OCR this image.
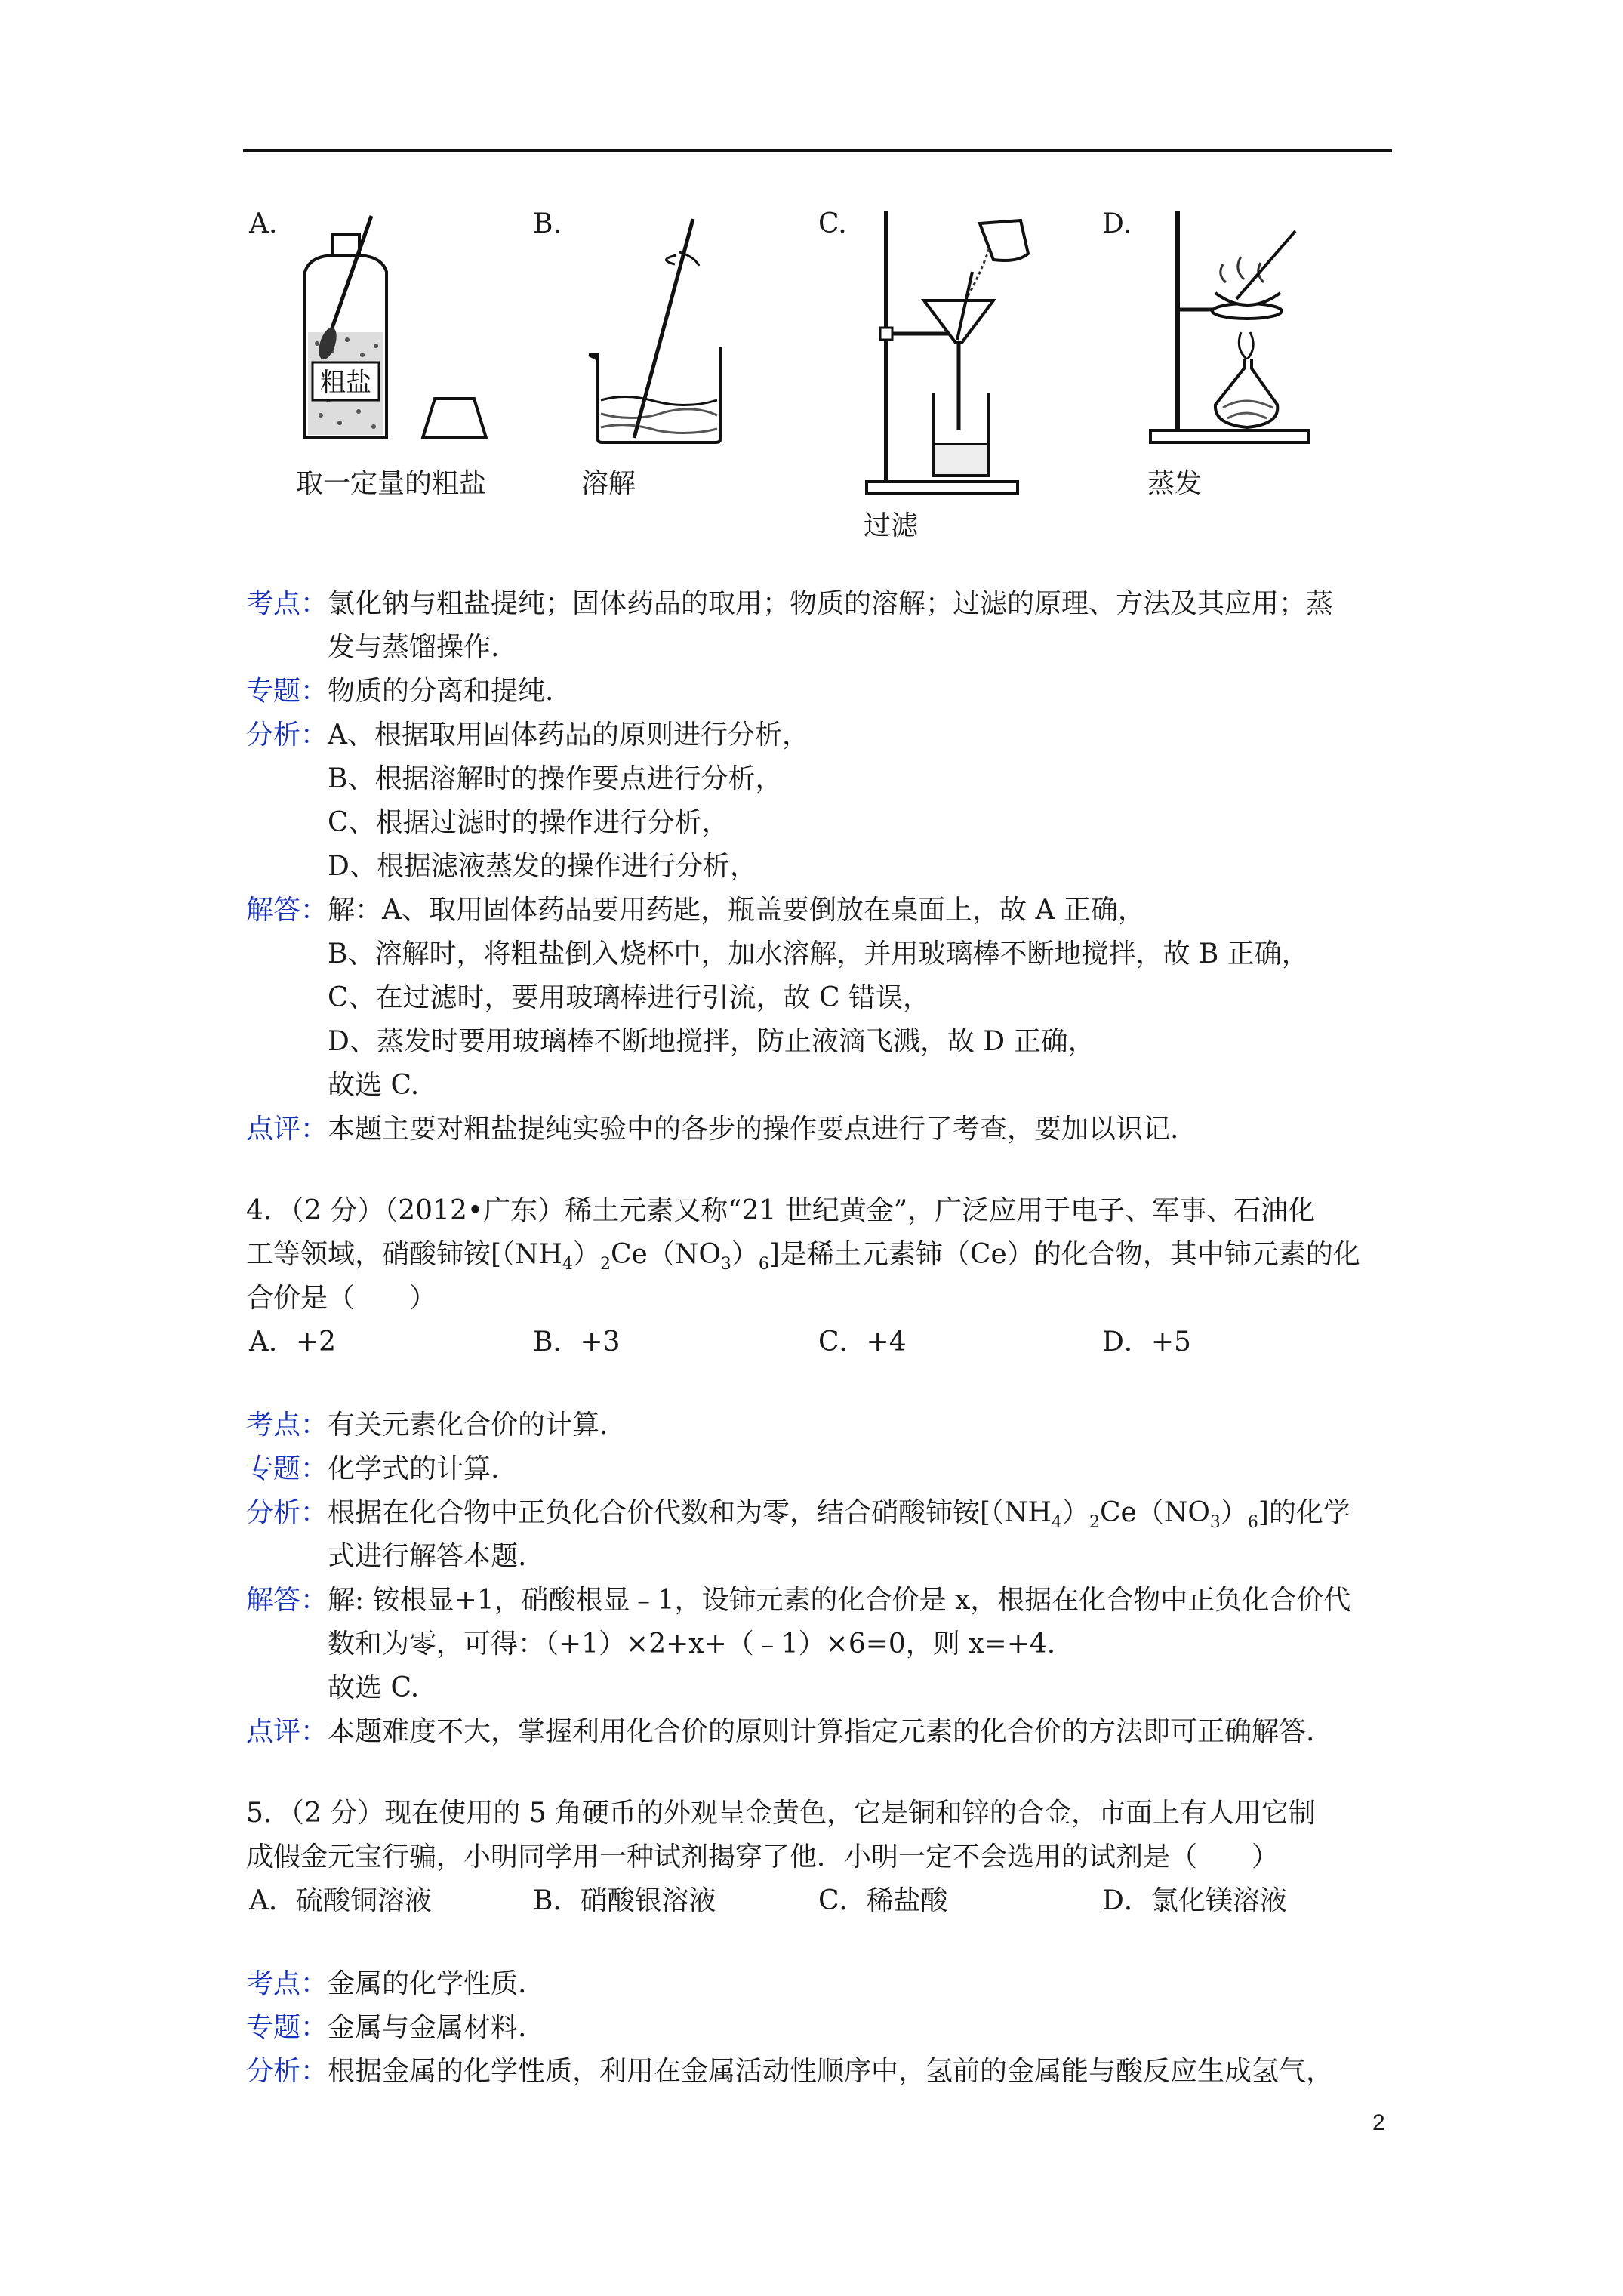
A.
粗盐
取一定量的粗盐
B.
溶解
C.
过滤
D.
蒸发
考点：氯化钠与粗盐提纯；固体药品的取用；物质的溶解；过滤的原理、方法及其应用；蒸
发与蒸馏操作.
专题：物质的分离和提纯.
分析：A、根据取用固体药品的原则进行分析，
B、根据溶解时的操作要点进行分析，
C、根据过滤时的操作进行分析，
D、根据滤液蒸发的操作进行分析，
解答：解：A、取用固体药品要用药匙，瓶盖要倒放在桌面上，故 A 正确，
B、溶解时，将粗盐倒入烧杯中，加水溶解，并用玻璃棒不断地搅拌，故 B 正确，
C、在过滤时，要用玻璃棒进行引流，故 C 错误，
D、蒸发时要用玻璃棒不断地搅拌，防止液滴飞溅，故 D 正确，
故选 C.
点评：本题主要对粗盐提纯实验中的各步的操作要点进行了考查，要加以识记.
4．（2 分）（2012•广东）稀土元素又称“21 世纪黄金”，广泛应用于电子、军事、石油化
工等领域，硝酸铈铵$[(NH_4)_2Ce(NO_3)_6]$是稀土元素铈（Ce）的化合物，其中铈元素的化
合价是（　　）
A．+2	B．+3	C．+4	D．+5
考点：有关元素化合价的计算.
专题：化学式的计算.
分析：根据在化合物中正负化合价代数和为零，结合硝酸铈铵$[(NH_4)_2Ce(NO_3)_6]$的化学
式进行解答本题.
解答：解: 铵根显+1，硝酸根显﹣1，设铈元素的化合价是 x，根据在化合物中正负化合价代
数和为零，可得：（+1）×2+x+（﹣1）×6=0，则 x=+4.
故选 C.
点评：本题难度不大，掌握利用化合价的原则计算指定元素的化合价的方法即可正确解答.
5．（2 分）现在使用的 5 角硬币的外观呈金黄色，它是铜和锌的合金，市面上有人用它制
成假金元宝行骗，小明同学用一种试剂揭穿了他．小明一定不会选用的试剂是（　　）
A．硫酸铜溶液	B．硝酸银溶液	C．稀盐酸	D．氯化镁溶液
考点：金属的化学性质.
专题：金属与金属材料.
分析：根据金属的化学性质，利用在金属活动性顺序中，氢前的金属能与酸反应生成氢气，
2
